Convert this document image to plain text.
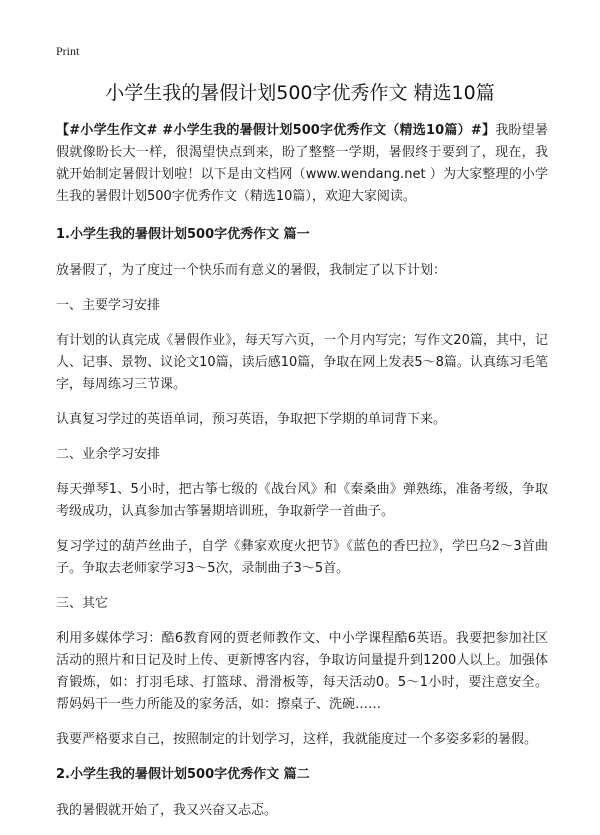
Print
小学生我的暑假计划500字优秀作文 精选10篇

【#小学生作文# #小学生我的暑假计划500字优秀作文（精选10篇）#】我盼望暑假就像盼长大一样，很渴望快点到来，盼了整整一学期，暑假终于要到了，现在，我就开始制定暑假计划啦！以下是由文档网（www.wendang.net ）为大家整理的小学生我的暑假计划500字优秀作文（精选10篇），欢迎大家阅读。

1.小学生我的暑假计划500字优秀作文 篇一

放暑假了，为了度过一个快乐而有意义的暑假，我制定了以下计划：

一、主要学习安排

有计划的认真完成《暑假作业》，每天写六页，一个月内写完；写作文20篇，其中，记人、记事、景物、议论文10篇，读后感10篇，争取在网上发表5～8篇。认真练习毛笔字，每周练习三节课。

认真复习学过的英语单词，预习英语，争取把下学期的单词背下来。

二、业余学习安排

每天弹琴1、5小时，把古筝七级的《战台风》和《秦桑曲》弹熟练，准备考级，争取考级成功，认真参加古筝暑期培训班，争取新学一首曲子。

复习学过的葫芦丝曲子，自学《彝家欢度火把节》《蓝色的香巴拉》，学巴乌2～3首曲子。争取去老师家学习3～5次，录制曲子3～5首。

三、其它

利用多媒体学习：酷6教育网的贾老师教作文、中小学课程酷6英语。我要把参加社区活动的照片和日记及时上传、更新博客内容，争取访问量提升到1200人以上。加强体育锻炼，如：打羽毛球、打篮球、滑滑板等，每天活动0。5～1小时，要注意安全。帮妈妈干一些力所能及的家务活，如：擦桌子、洗碗……

我要严格要求自己，按照制定的计划学习，这样，我就能度过一个多姿多彩的暑假。

2.小学生我的暑假计划500字优秀作文 篇二

我的暑假就开始了，我又兴奋又忐忑。
